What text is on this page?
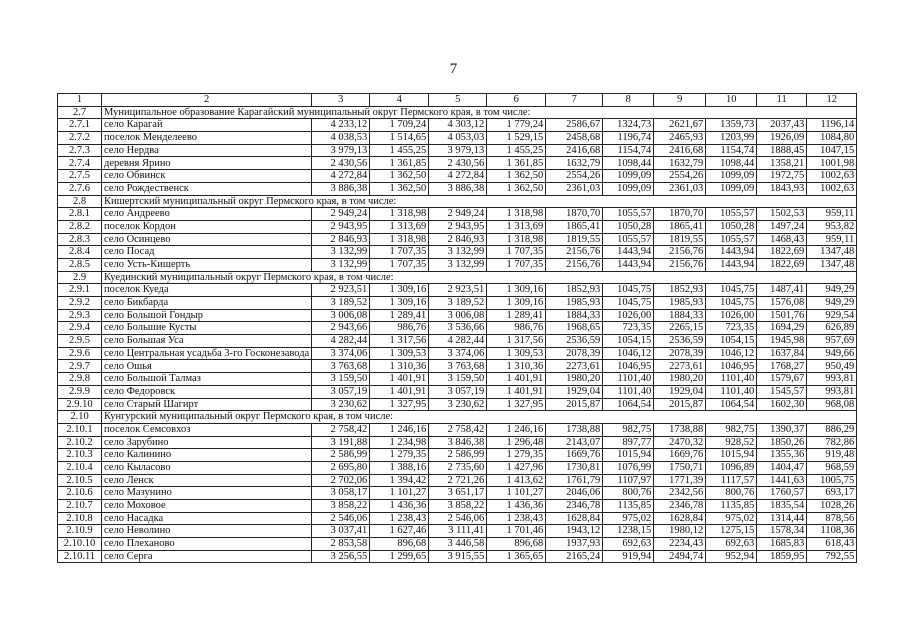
7
1	2	3	4	5	6	7	8	9	10	11	12
2.7	Муниципальное образование Карагайский муниципальный округ Пермского края, в том числе:										
2.7.1	село Карагай	4 233,12	1 709,24	4 303,12	1 779,24	2586,67	1324,73	2621,67	1359,73	2037,43	1196,14
2.7.2	поселок Менделеево	4 038,53	1 514,65	4 053,03	1 529,15	2458,68	1196,74	2465,93	1203,99	1926,09	1084,80
2.7.3	село Нердва	3 979,13	1 455,25	3 979,13	1 455,25	2416,68	1154,74	2416,68	1154,74	1888,45	1047,15
2.7.4	деревня Ярино	2 430,56	1 361,85	2 430,56	1 361,85	1632,79	1098,44	1632,79	1098,44	1358,21	1001,98
2.7.5	село Обвинск	4 272,84	1 362,50	4 272,84	1 362,50	2554,26	1099,09	2554,26	1099,09	1972,75	1002,63
2.7.6	село Рождественск	3 886,38	1 362,50	3 886,38	1 362,50	2361,03	1099,09	2361,03	1099,09	1843,93	1002,63
2.8	Кишертский муниципальный округ Пермского края, в том числе:										
2.8.1	село Андреево	2 949,24	1 318,98	2 949,24	1 318,98	1870,70	1055,57	1870,70	1055,57	1502,53	959,11
2.8.2	поселок Кордон	2 943,95	1 313,69	2 943,95	1 313,69	1865,41	1050,28	1865,41	1050,28	1497,24	953,82
2.8.3	село Осинцево	2 846,93	1 318,98	2 846,93	1 318,98	1819,55	1055,57	1819,55	1055,57	1468,43	959,11
2.8.4	село Посад	3 132,99	1 707,35	3 132,99	1 707,35	2156,76	1443,94	2156,76	1443,94	1822,69	1347,48
2.8.5	село Усть-Кишерть	3 132,99	1 707,35	3 132,99	1 707,35	2156,76	1443,94	2156,76	1443,94	1822,69	1347,48
2.9	Куединский муниципальный округ Пермского края, в том числе:										
2.9.1	поселок Куеда	2 923,51	1 309,16	2 923,51	1 309,16	1852,93	1045,75	1852,93	1045,75	1487,41	949,29
2.9.2	село Бикбарда	3 189,52	1 309,16	3 189,52	1 309,16	1985,93	1045,75	1985,93	1045,75	1576,08	949,29
2.9.3	село Большой Гондыр	3 006,08	1 289,41	3 006,08	1 289,41	1884,33	1026,00	1884,33	1026,00	1501,76	929,54
2.9.4	село Большие Кусты	2 943,66	986,76	3 536,66	986,76	1968,65	723,35	2265,15	723,35	1694,29	626,89
2.9.5	село Большая Уса	4 282,44	1 317,56	4 282,44	1 317,56	2536,59	1054,15	2536,59	1054,15	1945,98	957,69
2.9.6	село Центральная усадьба 3-го Госконезавода	3 374,06	1 309,53	3 374,06	1 309,53	2078,39	1046,12	2078,39	1046,12	1637,84	949,66
2.9.7	село Ошья	3 763,68	1 310,36	3 763,68	1 310,36	2273,61	1046,95	2273,61	1046,95	1768,27	950,49
2.9.8	село Большой Талмаз	3 159,50	1 401,91	3 159,50	1 401,91	1980,20	1101,40	1980,20	1101,40	1579,67	993,81
2.9.9	село Федоровск	3 057,19	1 401,91	3 057,19	1 401,91	1929,04	1101,40	1929,04	1101,40	1545,57	993,81
2.9.10	село Старый Шагирт	3 230,62	1 327,95	3 230,62	1 327,95	2015,87	1064,54	2015,87	1064,54	1602,30	968,08
2.10	Кунгурский муниципальный округ Пермского края, в том числе:										
2.10.1	поселок Семсовхоз	2 758,42	1 246,16	2 758,42	1 246,16	1738,88	982,75	1738,88	982,75	1390,37	886,29
2.10.2	село Зарубино	3 191,88	1 234,98	3 846,38	1 296,48	2143,07	897,77	2470,32	928,52	1850,26	782,86
2.10.3	село Калинино	2 586,99	1 279,35	2 586,99	1 279,35	1669,76	1015,94	1669,76	1015,94	1355,36	919,48
2.10.4	село Кыласово	2 695,80	1 388,16	2 735,60	1 427,96	1730,81	1076,99	1750,71	1096,89	1404,47	968,59
2.10.5	село Ленск	2 702,06	1 394,42	2 721,26	1 413,62	1761,79	1107,97	1771,39	1117,57	1441,63	1005,75
2.10.6	село Мазунино	3 058,17	1 101,27	3 651,17	1 101,27	2046,06	800,76	2342,56	800,76	1760,57	693,17
2.10.7	село Моховое	3 858,22	1 436,36	3 858,22	1 436,36	2346,78	1135,85	2346,78	1135,85	1835,54	1028,26
2.10.8	село Насадка	2 546,06	1 238,43	2 546,06	1 238,43	1628,84	975,02	1628,84	975,02	1314,44	878,56
2.10.9	село Неволино	3 037,41	1 627,46	3 111,41	1 701,46	1943,12	1238,15	1980,12	1275,15	1578,34	1108,36
2.10.10	село Плеханово	2 853,58	896,68	3 446,58	896,68	1937,93	692,63	2234,43	692,63	1685,83	618,43
2.10.11	село Серга	3 256,55	1 299,65	3 915,55	1 365,65	2165,24	919,94	2494,74	952,94	1859,95	792,55
